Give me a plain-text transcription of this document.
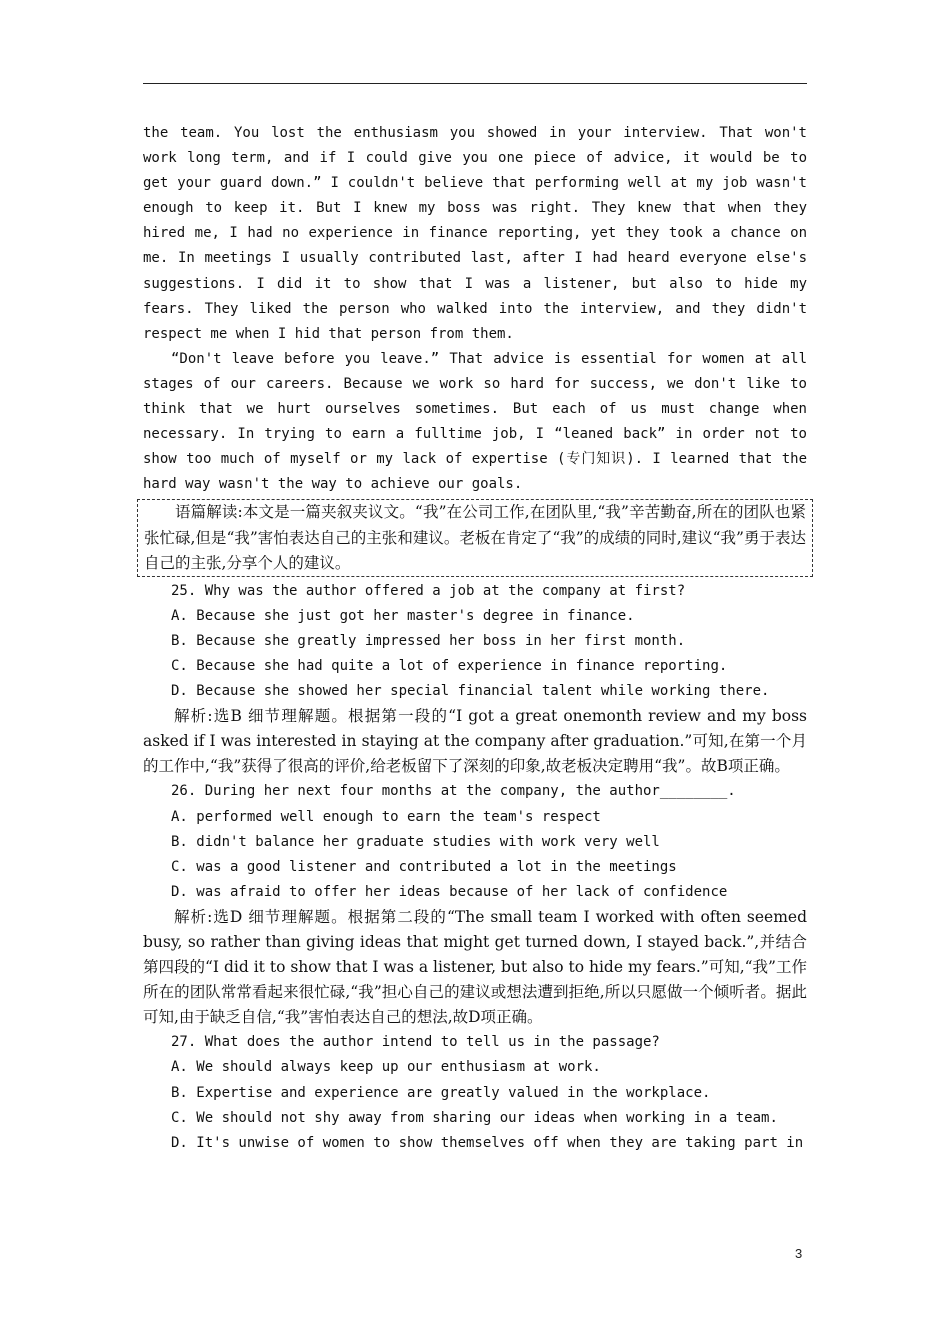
the team. You lost the enthusiasm you showed in your interview. That won't work long term, and if I could give you one piece of advice, it would be to get your guard down.” I couldn't believe that performing well at my job wasn't enough to keep it. But I knew my boss was right. They knew that when they hired me, I had no experience in finance reporting, yet they took a chance on me. In meetings I usually contributed last, after I had heard everyone else's suggestions. I did it to show that I was a listener, but also to hide my fears. They liked the person who walked into the interview, and they didn't respect me when I hid that person from them.

“Don't leave before you leave.” That advice is essential for women at all stages of our careers. Because we work so hard for success, we don't like to think that we hurt ourselves sometimes. But each of us must change when necessary. In trying to earn a fulltime job, I “leaned back” in order not to show too much of myself or my lack of expertise (专门知识). I learned that the hard way wasn't the way to achieve our goals.

语篇解读:本文是一篇夹叙夹议文。“我”在公司工作,在团队里,“我”辛苦勤奋,所在的团队也紧张忙碌,但是“我”害怕表达自己的主张和建议。老板在肯定了“我”的成绩的同时,建议“我”勇于表达自己的主张,分享个人的建议。

25. Why was the author offered a job at the company at first?

A. Because she just got her master's degree in finance.

B. Because she greatly impressed her boss in her first month.

C. Because she had quite a lot of experience in finance reporting.

D. Because she showed her special financial talent while working there.

解析:选B 细节理解题。根据第一段的“I got a great onemonth review and my boss asked if I was interested in staying at the company after graduation.”可知,在第一个月的工作中,“我”获得了很高的评价,给老板留下了深刻的印象,故老板决定聘用“我”。故B项正确。

26. During her next four months at the company, the author________.

A. performed well enough to earn the team's respect

B. didn't balance her graduate studies with work very well

C. was a good listener and contributed a lot in the meetings

D. was afraid to offer her ideas because of her lack of confidence

解析:选D 细节理解题。根据第二段的“The small team I worked with often seemed busy, so rather than giving ideas that might get turned down, I stayed back.”,并结合第四段的“I did it to show that I was a listener, but also to hide my fears.”可知,“我”工作所在的团队常常看起来很忙碌,“我”担心自己的建议或想法遭到拒绝,所以只愿做一个倾听者。据此可知,由于缺乏自信,“我”害怕表达自己的想法,故D项正确。

27. What does the author intend to tell us in the passage?

A. We should always keep up our enthusiasm at work.

B. Expertise and experience are greatly valued in the workplace.

C. We should not shy away from sharing our ideas when working in a team.

D. It's unwise of women to show themselves off when they are taking part in

3
